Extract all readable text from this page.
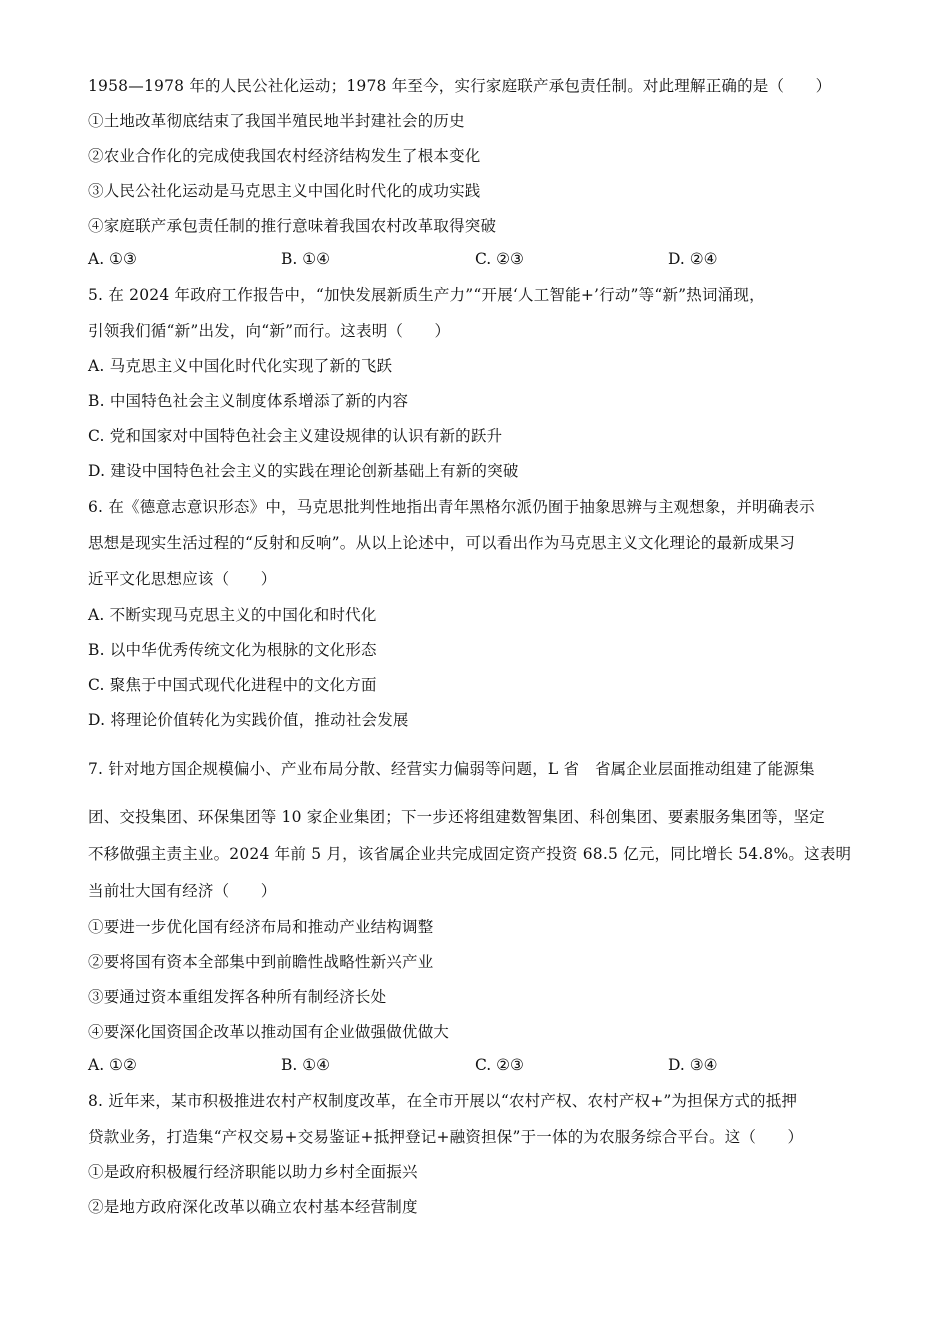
1958—1978 年的人民公社化运动；1978 年至今，实行家庭联产承包责任制。对此理解正确的是（　　）
①土地改革彻底结束了我国半殖民地半封建社会的历史
②农业合作化的完成使我国农村经济结构发生了根本变化
③人民公社化运动是马克思主义中国化时代化的成功实践
④家庭联产承包责任制的推行意味着我国农村改革取得突破
A. ①③	B. ①④	C. ②③	D. ②④
5. 在 2024 年政府工作报告中，“加快发展新质生产力”“开展‘人工智能+’行动”等“新”热词涌现，
引领我们循“新”出发，向“新”而行。这表明（　　）
A. 马克思主义中国化时代化实现了新的飞跃
B. 中国特色社会主义制度体系增添了新的内容
C. 党和国家对中国特色社会主义建设规律的认识有新的跃升
D. 建设中国特色社会主义的实践在理论创新基础上有新的突破
6. 在《德意志意识形态》中，马克思批判性地指出青年黑格尔派仍囿于抽象思辨与主观想象，并明确表示
思想是现实生活过程的“反射和反响”。从以上论述中，可以看出作为马克思主义文化理论的最新成果习
近平文化思想应该（　　）
A. 不断实现马克思主义的中国化和时代化
B. 以中华优秀传统文化为根脉的文化形态
C. 聚焦于中国式现代化进程中的文化方面
D. 将理论价值转化为实践价值，推动社会发展
7. 针对地方国企规模偏小、产业布局分散、经营实力偏弱等问题，L 省　省属企业层面推动组建了能源集
团、交投集团、环保集团等 10 家企业集团；下一步还将组建数智集团、科创集团、要素服务集团等，坚定
不移做强主责主业。2024 年前 5 月，该省属企业共完成固定资产投资 68.5 亿元，同比增长 54.8%。这表明
当前壮大国有经济（　　）
①要进一步优化国有经济布局和推动产业结构调整
②要将国有资本全部集中到前瞻性战略性新兴产业
③要通过资本重组发挥各种所有制经济长处
④要深化国资国企改革以推动国有企业做强做优做大
A. ①②	B. ①④	C. ②③	D. ③④
8. 近年来，某市积极推进农村产权制度改革，在全市开展以“农村产权、农村产权+”为担保方式的抵押
贷款业务，打造集“产权交易+交易鉴证+抵押登记+融资担保”于一体的为农服务综合平台。这（　　）
①是政府积极履行经济职能以助力乡村全面振兴
②是地方政府深化改革以确立农村基本经营制度
